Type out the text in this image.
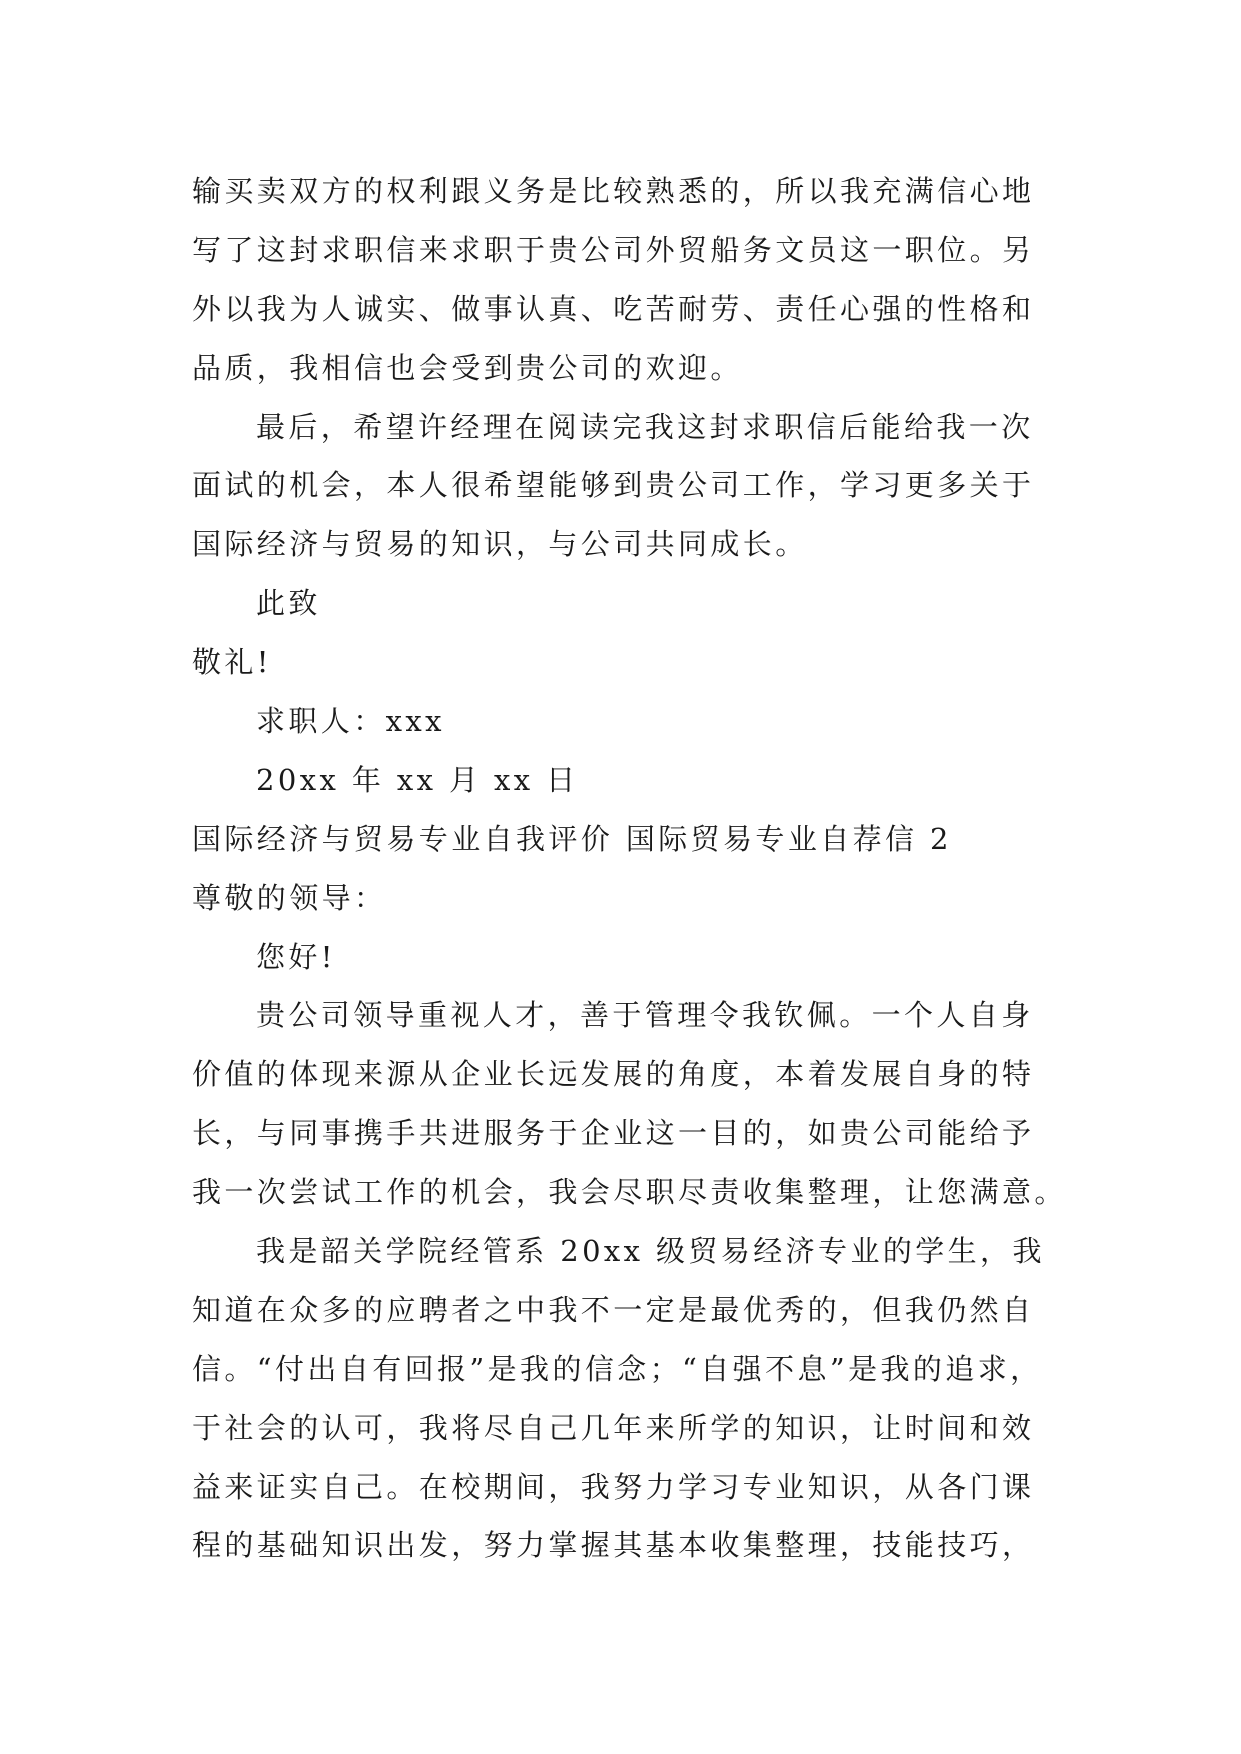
输买卖双方的权利跟义务是比较熟悉的，所以我充满信心地
写了这封求职信来求职于贵公司外贸船务文员这一职位。另
外以我为人诚实、做事认真、吃苦耐劳、责任心强的性格和
品质，我相信也会受到贵公司的欢迎。
最后，希望许经理在阅读完我这封求职信后能给我一次
面试的机会，本人很希望能够到贵公司工作，学习更多关于
国际经济与贸易的知识，与公司共同成长。
此致
敬礼!
求职人：xxx
20xx 年 xx 月 xx 日
国际经济与贸易专业自我评价 国际贸易专业自荐信 2
尊敬的领导：
您好!
贵公司领导重视人才，善于管理令我钦佩。一个人自身
价值的体现来源从企业长远发展的角度，本着发展自身的特
长，与同事携手共进服务于企业这一目的，如贵公司能给予
我一次尝试工作的机会，我会尽职尽责收集整理，让您满意。
我是韶关学院经管系 20xx 级贸易经济专业的学生，我
知道在众多的应聘者之中我不一定是最优秀的，但我仍然自
信。“付出自有回报”是我的信念；“自强不息”是我的追求，
于社会的认可，我将尽自己几年来所学的知识，让时间和效
益来证实自己。在校期间，我努力学习专业知识，从各门课
程的基础知识出发，努力掌握其基本收集整理，技能技巧，
